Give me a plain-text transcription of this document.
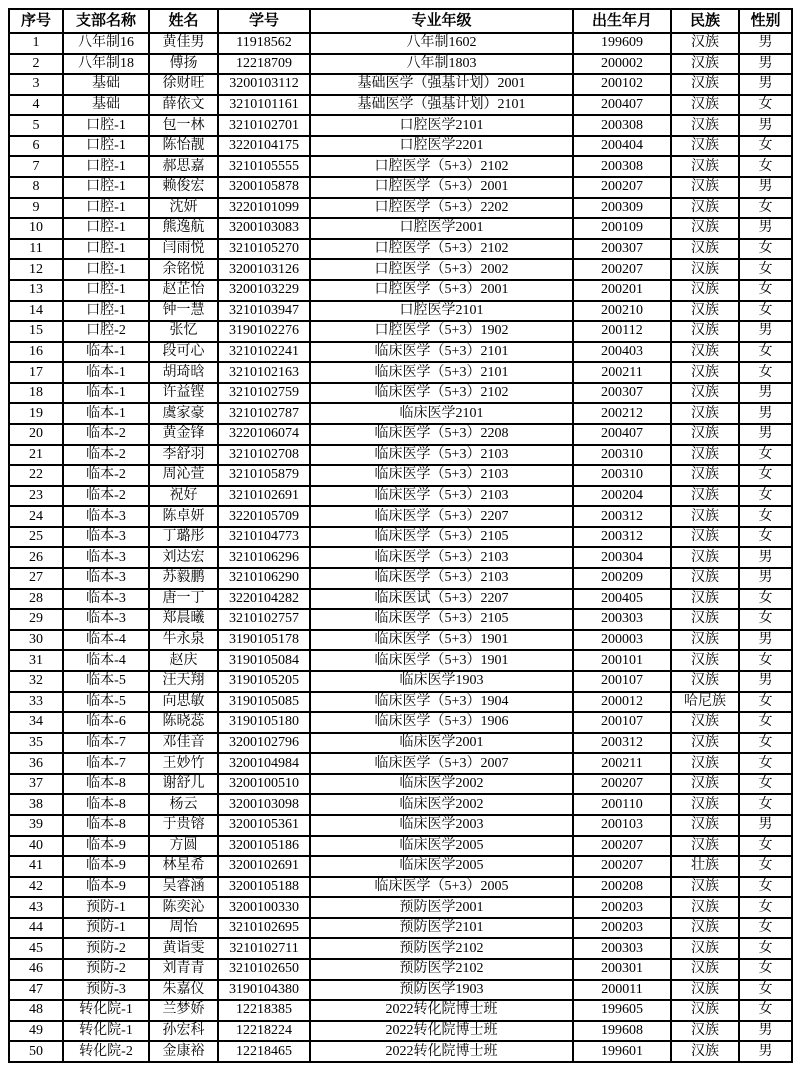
序号	支部名称	姓名	学号	专业年级	出生年月	民族	性别
1	八年制16	黄佳男	11918562	八年制1602	199609	汉族	男
2	八年制18	傅扬	12218709	八年制1803	200002	汉族	男
3	基础	徐财旺	3200103112	基础医学（强基计划）2001	200102	汉族	男
4	基础	薛依文	3210101161	基础医学（强基计划）2101	200407	汉族	女
5	口腔-1	包一林	3210102701	口腔医学2101	200308	汉族	男
6	口腔-1	陈怡靓	3220104175	口腔医学2201	200404	汉族	女
7	口腔-1	郝思嘉	3210105555	口腔医学（5+3）2102	200308	汉族	女
8	口腔-1	赖俊宏	3200105878	口腔医学（5+3）2001	200207	汉族	男
9	口腔-1	沈妍	3220101099	口腔医学（5+3）2202	200309	汉族	女
10	口腔-1	熊逸航	3200103083	口腔医学2001	200109	汉族	男
11	口腔-1	闫雨悦	3210105270	口腔医学（5+3）2102	200307	汉族	女
12	口腔-1	余铭悦	3200103126	口腔医学（5+3）2002	200207	汉族	女
13	口腔-1	赵芷怡	3200103229	口腔医学（5+3）2001	200201	汉族	女
14	口腔-1	钟一慧	3210103947	口腔医学2101	200210	汉族	女
15	口腔-2	张忆	3190102276	口腔医学（5+3）1902	200112	汉族	男
16	临本-1	段可心	3210102241	临床医学（5+3）2101	200403	汉族	女
17	临本-1	胡琦晗	3210102163	临床医学（5+3）2101	200211	汉族	女
18	临本-1	许益铿	3210102759	临床医学（5+3）2102	200307	汉族	男
19	临本-1	虞家豪	3210102787	临床医学2101	200212	汉族	男
20	临本-2	黄金锋	3220106074	临床医学（5+3）2208	200407	汉族	男
21	临本-2	李舒羽	3210102708	临床医学（5+3）2103	200310	汉族	女
22	临本-2	周沁萱	3210105879	临床医学（5+3）2103	200310	汉族	女
23	临本-2	祝好	3210102691	临床医学（5+3）2103	200204	汉族	女
24	临本-3	陈卓妍	3220105709	临床医学（5+3）2207	200312	汉族	女
25	临本-3	丁璐彤	3210104773	临床医学（5+3）2105	200312	汉族	女
26	临本-3	刘达宏	3210106296	临床医学（5+3）2103	200304	汉族	男
27	临本-3	苏毅鹏	3210106290	临床医学（5+3）2103	200209	汉族	男
28	临本-3	唐一丁	3220104282	临床医试（5+3）2207	200405	汉族	女
29	临本-3	郑晨曦	3210102757	临床医学（5+3）2105	200303	汉族	女
30	临本-4	牛永泉	3190105178	临床医学（5+3）1901	200003	汉族	男
31	临本-4	赵庆	3190105084	临床医学（5+3）1901	200101	汉族	女
32	临本-5	汪天翔	3190105205	临床医学1903	200107	汉族	男
33	临本-5	向思敏	3190105085	临床医学（5+3）1904	200012	哈尼族	女
34	临本-6	陈晓蕊	3190105180	临床医学（5+3）1906	200107	汉族	女
35	临本-7	邓佳音	3200102796	临床医学2001	200312	汉族	女
36	临本-7	王妙竹	3200104984	临床医学（5+3）2007	200211	汉族	女
37	临本-8	谢舒儿	3200100510	临床医学2002	200207	汉族	女
38	临本-8	杨云	3200103098	临床医学2002	200110	汉族	女
39	临本-8	于贵镕	3200105361	临床医学2003	200103	汉族	男
40	临本-9	方圆	3200105186	临床医学2005	200207	汉族	女
41	临本-9	林星希	3200102691	临床医学2005	200207	壮族	女
42	临本-9	吴睿涵	3200105188	临床医学（5+3）2005	200208	汉族	女
43	预防-1	陈奕沁	3200100330	预防医学2001	200203	汉族	女
44	预防-1	周怡	3210102695	预防医学2101	200203	汉族	女
45	预防-2	黄诣雯	3210102711	预防医学2102	200303	汉族	女
46	预防-2	刘青青	3210102650	预防医学2102	200301	汉族	女
47	预防-3	朱嘉仪	3190104380	预防医学1903	200011	汉族	女
48	转化院-1	兰梦娇	12218385	2022转化院博士班	199605	汉族	女
49	转化院-1	孙宏科	12218224	2022转化院博士班	199608	汉族	男
50	转化院-2	金康裕	12218465	2022转化院博士班	199601	汉族	男
